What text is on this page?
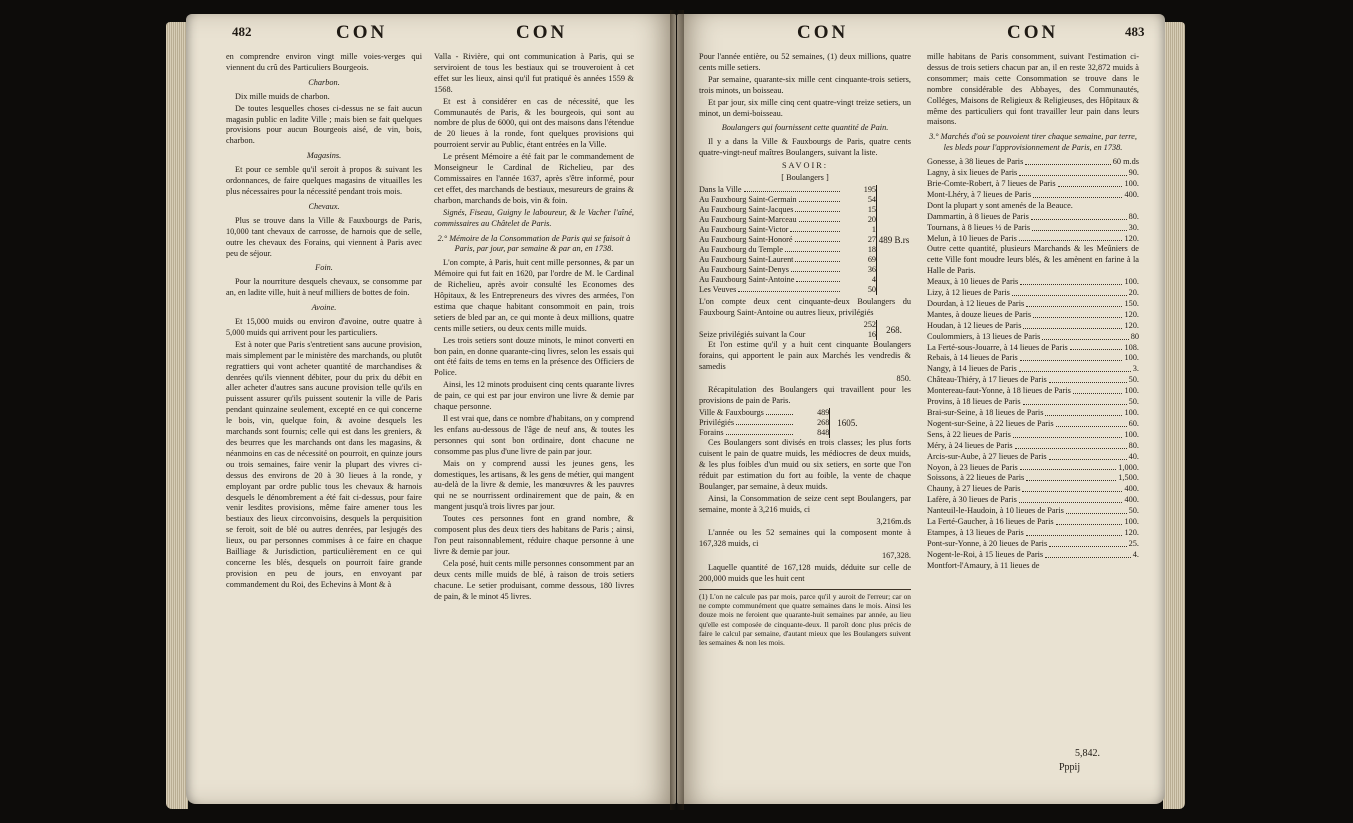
482	CON	CON

en comprendre environ vingt mille voies-verges qui viennent du crû des Particuliers Bourgeois.

Charbon.

Dix mille muids de charbon.

De toutes lesquelles choses ci-dessus ne se fait aucun magasin public en ladite Ville ; mais bien se fait quelques provisions pour aucun Bourgeois aisé, de vin, bois, charbon.

Magasins.

Et pour ce semble qu'il seroit à propos & suivant les ordonnances, de faire quelques magasins de vituailles les plus nécessaires pour la nécessité pendant trois mois.

Chevaux.

Plus se trouve dans la Ville & Fauxbourgs de Paris, 10,000 tant chevaux de carrosse, de harnois que de selle, outre les chevaux des Forains, qui viennent à Paris avec peu de séjour.

Foin.

Pour la nourriture desquels chevaux, se consomme par an, en ladite ville, huit à neuf milliers de bottes de foin.

Avoine.

Et 15,000 muids ou environ d'avoine, outre quatre à 5,000 muids qui arrivent pour les particuliers.

Est à noter que Paris s'entretient sans aucune provision, mais simplement par le ministère des marchands, ou plutôt regrattiers qui vont acheter quantité de marchandises & denrées qu'ils viennent débiter, pour du prix du débit en aller acheter d'autres sans aucune provision telle qu'ils en puissent assurer qu'ils puissent soutenir la ville de Paris pendant quinzaine seulement, excepté en ce qui concerne le bois, vin, quelque foin, & avoine desquels les marchands sont fournis; celle qui est dans les greniers, & des beurres que les marchands ont dans les magasins, & néanmoins en cas de nécessité on pourroit, en quinze jours ou trois semaines, faire venir la plupart des vivres ci-dessus des environs de 20 à 30 lieues à la ronde, y employant par ordre public tous les chevaux & harnois desquels le dénombrement a été fait ci-dessus, pour faire venir lesdites provisions, même faire amener tous les bestiaux des lieux circonvoisins, desquels la perquisition se feroit, soit de blé ou autres denrées, par lesjugés des lieux, ou par personnes commises à ce faire en chaque Bailliage & Jurisdiction, particulièrement en ce qui concerne les blés, desquels on pourroit faire grande provision en peu de jours, en envoyant par commandement du Roi, des Echevins à Mont & à

Valla - Rivière, qui ont communication à Paris, qui se serviroient de tous les bestiaux qui se trouveroient à cet effet sur les lieux, ainsi qu'il fut pratiqué ès années 1559 & 1568.

Et est à considérer en cas de nécessité, que les Communautés de Paris, & les bourgeois, qui sont au nombre de plus de 6000, qui ont des maisons dans l'étendue de 20 lieues à la ronde, font quelques provisions qui pourroient servir au Public, étant entrées en la Ville.

Le présent Mémoire a été fait par le commandement de Monseigneur le Cardinal de Richelieu, par des Commissaires en l'année 1637, après s'être informé, pour cet effet, des marchands de bestiaux, mesureurs de grains & charbon, marchands de bois, vin & foin.

Signés, Fiseau, Guigny le laboureur, & le Vacher l'aîné, commissaires au Châtelet de Paris.

2.° Mémoire de la Consommation de Paris qui se faisoit à Paris, par jour, par semaine & par an, en 1738.

L'on compte, à Paris, huit cent mille personnes, & par un Mémoire qui fut fait en 1620, par l'ordre de M. le Cardinal de Richelieu, après avoir consulté les Economes des Hôpitaux, & les Entrepreneurs des vivres des armées, l'on estima que chaque habitant consommoit en pain, trois setiers de bled par an, ce qui monte à deux millions, quatre cents mille setiers, ou deux cents mille muids.

Les trois setiers sont douze minots, le minot converti en bon pain, en donne quarante-cinq livres, selon les essais qui ont été faits de tems en tems en la présence des Officiers de Police.

Ainsi, les 12 minots produisent cinq cents quarante livres de pain, ce qui est par jour environ une livre & demie par chaque personne.

Il est vrai que, dans ce nombre d'habitans, on y comprend les enfans au-dessous de l'âge de neuf ans, & toutes les personnes qui sont bon ordinaire, dont chacune ne consomme pas plus d'une livre de pain par jour.

Mais on y comprend aussi les jeunes gens, les domestiques, les artisans, & les gens de métier, qui mangent au-delà de la livre & demie, les manœuvres & les pauvres qui ne se nourrissent ordinairement que de pain, & en mangent jusqu'à trois livres par jour.

Toutes ces personnes font en grand nombre, & composent plus des deux tiers des habitans de Paris ; ainsi, l'on peut raisonnablement, réduire chaque personne à une livre & demie par jour.

Cela posé, huit cents mille personnes consomment par an deux cents mille muids de blé, à raison de trois setiers chacune. Le setier produisant, comme dessous, 180 livres de pain, & le minot 45 livres.

CON	CON	483

Pour l'année entière, ou 52 semaines, (1) deux millions, quatre cents mille setiers.

Par semaine, quarante-six mille cent cinquante-trois setiers, trois minots, un boisseau.

Et par jour, six mille cinq cent quatre-vingt treize setiers, un minot, un demi-boisseau.

Boulangers qui fournissent cette quantité de Pain.

Il y a dans la Ville & Fauxbourgs de Paris, quatre cents quatre-vingt-neuf maîtres Boulangers, suivant la liste.

SAVOIR:

[ Boulangers ]

Dans la Ville	195	489 B.rs

Au Fauxbourg Saint-Germain	54	

Au Fauxbourg Saint-Jacques	15	

Au Fauxbourg Saint-Marceau	20	

Au Fauxbourg Saint-Victor	1	

Au Fauxbourg Saint-Honoré	27	

Au Fauxbourg du Temple	18	

Au Fauxbourg Saint-Laurent	69	

Au Fauxbourg Saint-Denys	36	

Au Fauxbourg Saint-Antoine	4	

Les Veuves	50	

L'on compte deux cent cinquante-deux Boulangers du Fauxbourg Saint-Antoine ou autres lieux, privilégiés

	252	268.
Seize privilégiés suivant la Cour	16	

Et l'on estime qu'il y a huit cent cinquante Boulangers forains, qui apportent le pain aux Marchés les vendredis & samedis

850.

Récapitulation des Boulangers qui travaillent pour les provisions de pain de Paris.

Ville & Fauxbourgs	489	1605.

Privilégiés	268	

Forains	848	

Ces Boulangers sont divisés en trois classes; les plus forts cuisent le pain de quatre muids, les médiocres de deux muids, & les plus foibles d'un muid ou six setiers, en sorte que l'on réduit par estimation du fort au foible, la vente de chaque Boulanger, par semaine, à deux muids.

Ainsi, la Consommation de seize cent sept Boulangers, par semaine, monte à 3,216 muids, ci

3,216m.ds

L'année ou les 52 semaines qui la composent monte à 167,328 muids, ci

167,328.

Laquelle quantité de 167,128 muids, déduite sur celle de 200,000 muids que les huit cent

(1) L'on ne calcule pas par mois, parce qu'il y auroit de l'erreur; car on ne compte communément que quatre semaines dans le mois. Ainsi les douze mois ne feroient que quarante-huit semaines par année, au lieu qu'elle est composée de cinquante-deux. Il paroît donc plus précis de faire le calcul par semaine, d'autant mieux que les Boulangers suivent les semaines & non les mois.

mille habitans de Paris consomment, suivant l'estimation ci-dessus de trois setiers chacun par an, il en reste 32,872 muids à consommer; mais cette Consommation se trouve dans le nombre considérable des Abbayes, des Communautés, Colléges, Maisons de Religieux & Religieuses, des Hôpitaux & même des particuliers qui font travailler leur pain dans leurs maisons.

3.° Marchés d'où se pouvoient tirer chaque semaine, par terre, les bleds pour l'approvisionnement de Paris, en 1738.

Gonesse, à 38 lieues de Paris	60 m.ds
Lagny, à six lieues de Paris	90.
Brie-Comte-Robert, à 7 lieues de Paris	100.
Mont-Lhéry, à 7 lieues de Paris	400.
Dont la plupart y sont amenés de la Beauce.
Dammartin, à 8 lieues de Paris	80.
Tournans, à 8 lieues ½ de Paris	30.
Melun, à 10 lieues de Paris	120.
Outre cette quantité, plusieurs Marchands & les Meûniers de cette Ville font moudre leurs blés, & les amènent en farine à la Halle de Paris.
Meaux, à 10 lieues de Paris	100.
Lizy, à 12 lieues de Paris	20.
Dourdan, à 12 lieues de Paris	150.
Mantes, à douze lieues de Paris	120.
Houdan, à 12 lieues de Paris	120.
Coulommiers, à 13 lieues de Paris	80
La Ferté-sous-Jouarre, à 14 lieues de Paris	108.
Rebais, à 14 lieues de Paris	100.
Nangy, à 14 lieues de Paris	3.
Château-Thiéry, à 17 lieues de Paris	50.
Montereau-faut-Yonne, à 18 lieues de Paris	100.
Provins, à 18 lieues de Paris	50.
Brai-sur-Seine, à 18 lieues de Paris	100.
Nogent-sur-Seine, à 22 lieues de Paris	60.
Sens, à 22 lieues de Paris	100.
Méry, à 24 lieues de Paris	80.
Arcis-sur-Aube, à 27 lieues de Paris	40.
Noyon, à 23 lieues de Paris	1,000.
Soissons, à 22 lieues de Paris	1,500.
Chauny, à 27 lieues de Paris	400.
Lafère, à 30 lieues de Paris	400.
Nanteuil-le-Haudoin, à 10 lieues de Paris	50.
La Ferté-Gaucher, à 16 lieues de Paris	100.
Etampes, à 13 lieues de Paris	120.
Pont-sur-Yonne, à 20 lieues de Paris	25.
Nogent-le-Roi, à 15 lieues de Paris	4.
Montfort-l'Amaury, à 11 lieues de
5,842.
Pppij
